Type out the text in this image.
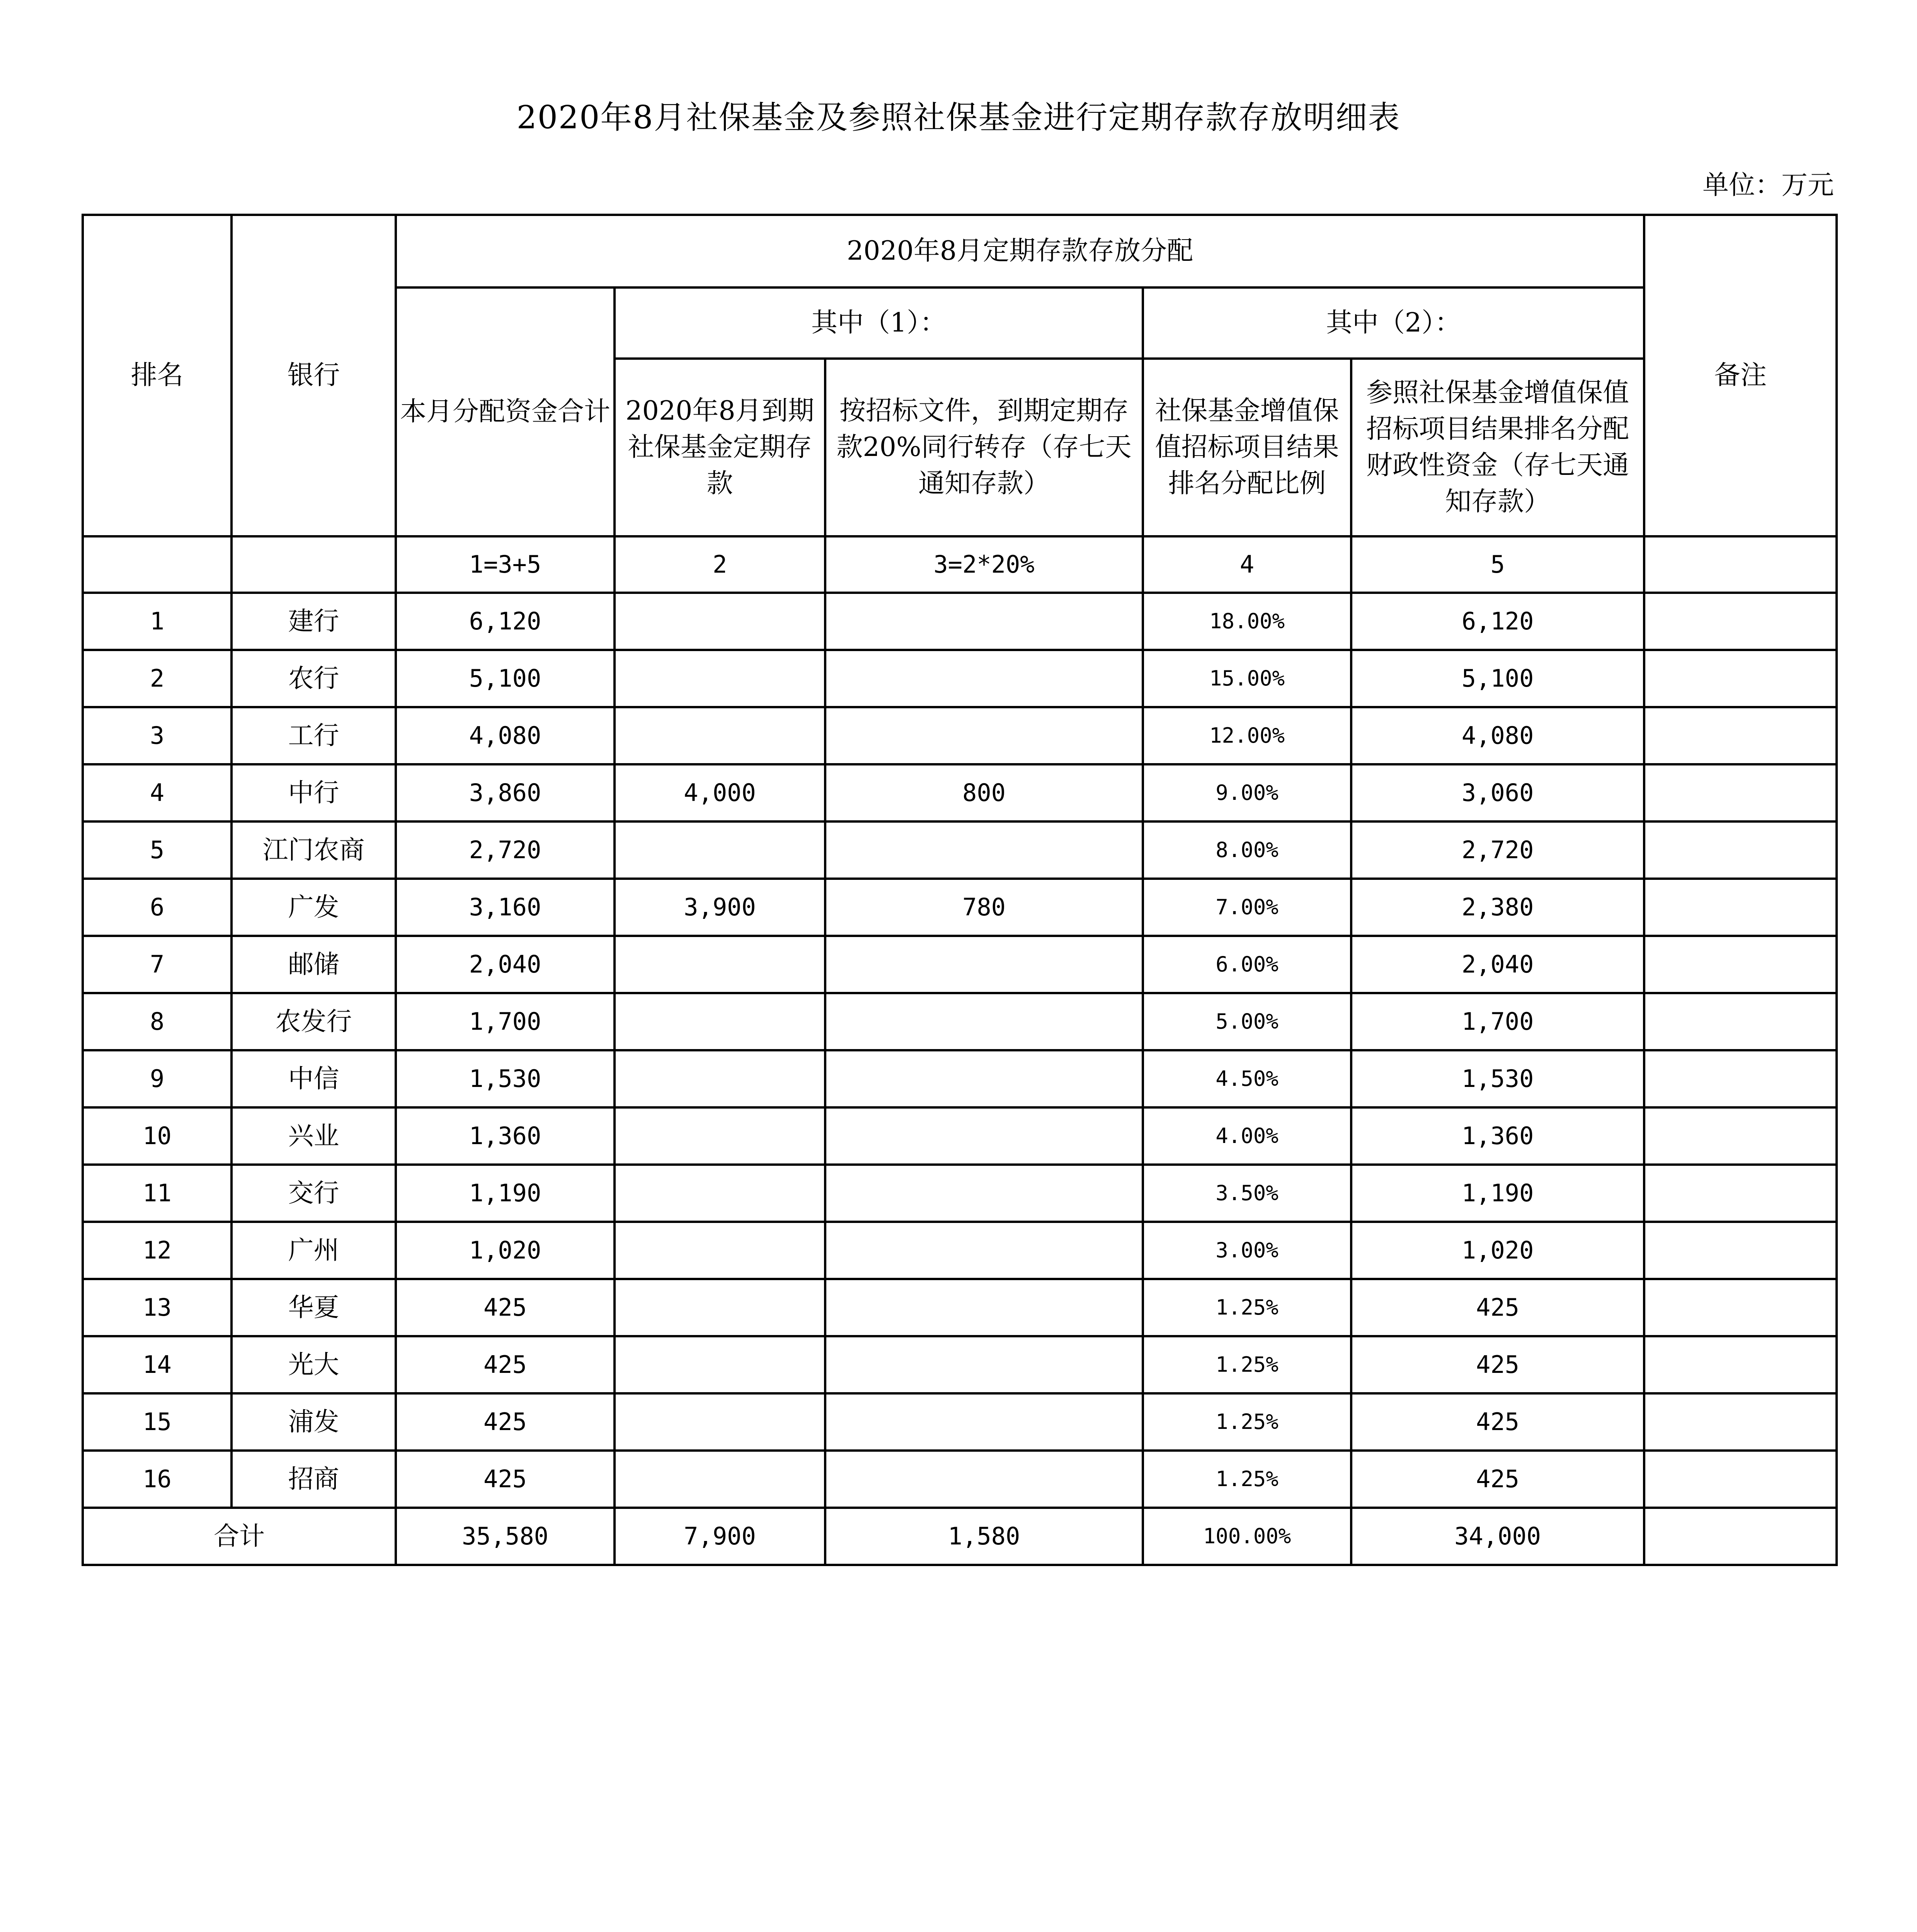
2020年8月社保基金及参照社保基金进行定期存款存放明细表
单位：万元
排名	银行	2020年8月定期存款存放分配					备注
		本月分配资金合计	其中（1）：		其中（2）：		
			2020年8月到期社保基金定期存款	按招标文件，到期定期存款20%同行转存（存七天通知存款）	社保基金增值保值招标项目结果排名分配比例	参照社保基金增值保值招标项目结果排名分配财政性资金（存七天通知存款）	
		1=3+5	2	3=2*20%	4	5	
1	建行	6,120			18.00%	6,120	
2	农行	5,100			15.00%	5,100	
3	工行	4,080			12.00%	4,080	
4	中行	3,860	4,000	800	9.00%	3,060	
5	江门农商	2,720			8.00%	2,720	
6	广发	3,160	3,900	780	7.00%	2,380	
7	邮储	2,040			6.00%	2,040	
8	农发行	1,700			5.00%	1,700	
9	中信	1,530			4.50%	1,530	
10	兴业	1,360			4.00%	1,360	
11	交行	1,190			3.50%	1,190	
12	广州	1,020			3.00%	1,020	
13	华夏	425			1.25%	425	
14	光大	425			1.25%	425	
15	浦发	425			1.25%	425	
16	招商	425			1.25%	425	
合计		35,580	7,900	1,580	100.00%	34,000	
